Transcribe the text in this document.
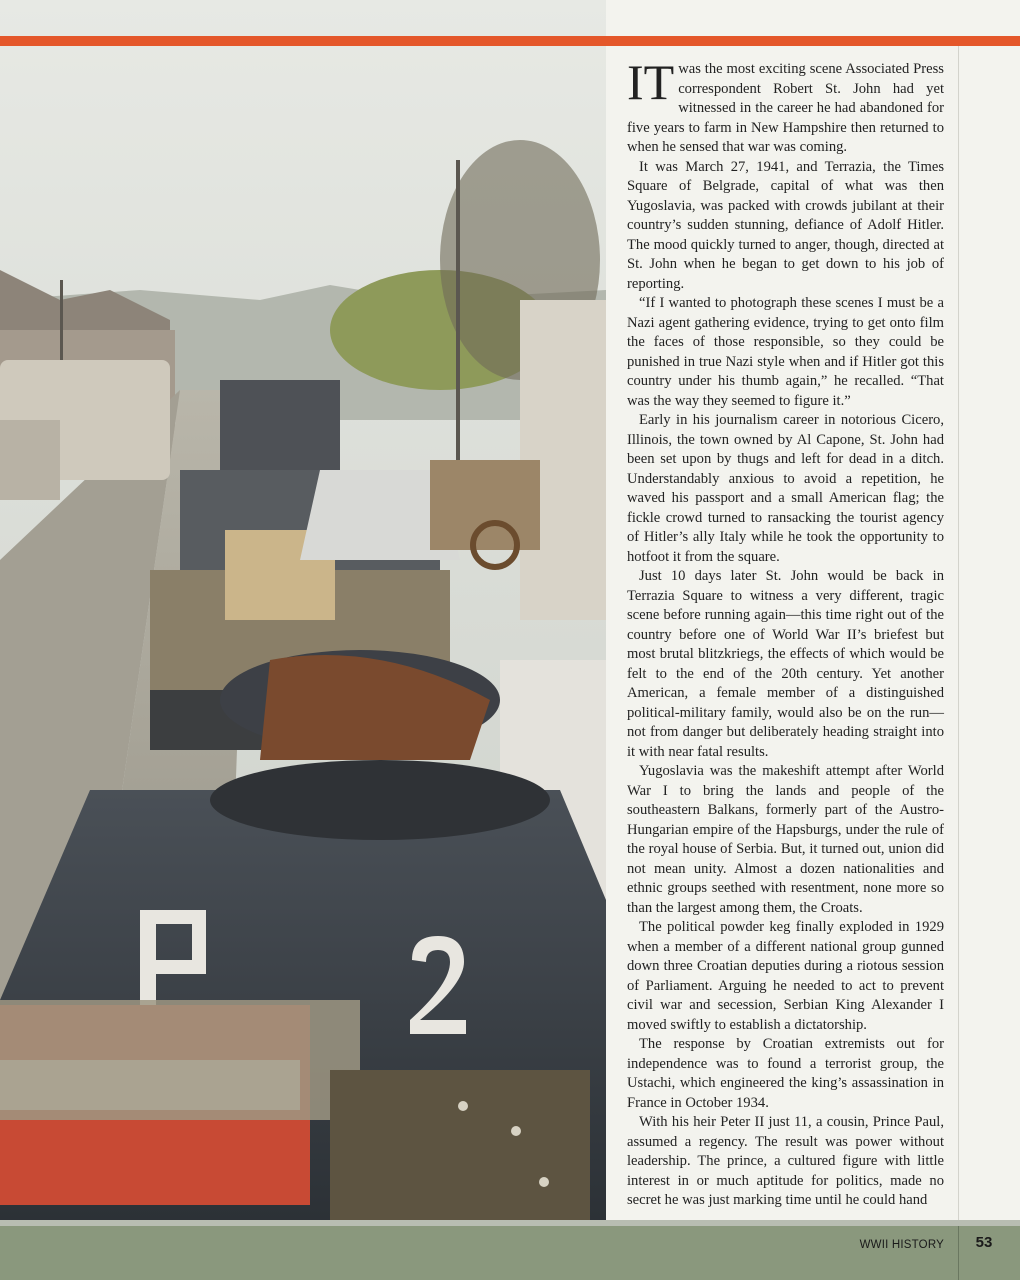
IT was the most exciting scene Associated Press correspondent Robert St. John had yet witnessed in the career he had abandoned for five years to farm in New Hampshire then returned to when he sensed that war was coming.

It was March 27, 1941, and Terrazia, the Times Square of Belgrade, capital of what was then Yugoslavia, was packed with crowds jubilant at their country’s sudden stunning, defiance of Adolf Hitler. The mood quickly turned to anger, though, directed at St. John when he began to get down to his job of reporting.

“If I wanted to photograph these scenes I must be a Nazi agent gathering evidence, trying to get onto film the faces of those responsible, so they could be punished in true Nazi style when and if Hitler got this country under his thumb again,” he recalled. “That was the way they seemed to figure it.”

Early in his journalism career in notorious Cicero, Illinois, the town owned by Al Capone, St. John had been set upon by thugs and left for dead in a ditch. Understandably anxious to avoid a repetition, he waved his passport and a small American flag; the fickle crowd turned to ransacking the tourist agency of Hitler’s ally Italy while he took the opportunity to hotfoot it from the square.

Just 10 days later St. John would be back in Terrazia Square to witness a very different, tragic scene before running again—this time right out of the country before one of World War II’s briefest but most brutal blitzkriegs, the effects of which would be felt to the end of the 20th century. Yet another American, a female member of a distinguished political-military family, would also be on the run—not from danger but deliberately heading straight into it with near fatal results.

Yugoslavia was the makeshift attempt after World War I to bring the lands and people of the southeastern Balkans, formerly part of the Austro-Hungarian empire of the Hapsburgs, under the rule of the royal house of Serbia. But, it turned out, union did not mean unity. Almost a dozen nationalities and ethnic groups seethed with resentment, none more so than the largest among them, the Croats.

The political powder keg finally exploded in 1929 when a member of a different national group gunned down three Croatian deputies during a riotous session of Parliament. Arguing he needed to act to prevent civil war and secession, Serbian King Alexander I moved swiftly to establish a dictatorship.

The response by Croatian extremists out for independence was to found a terrorist group, the Ustachi, which engineered the king’s assassination in France in October 1934.

With his heir Peter II just 11, a cousin, Prince Paul, assumed a regency. The result was power without leadership. The prince, a cultured figure with little interest in or much aptitude for politics, made no secret he was just marking time until he could hand

WWII HISTORY	53
